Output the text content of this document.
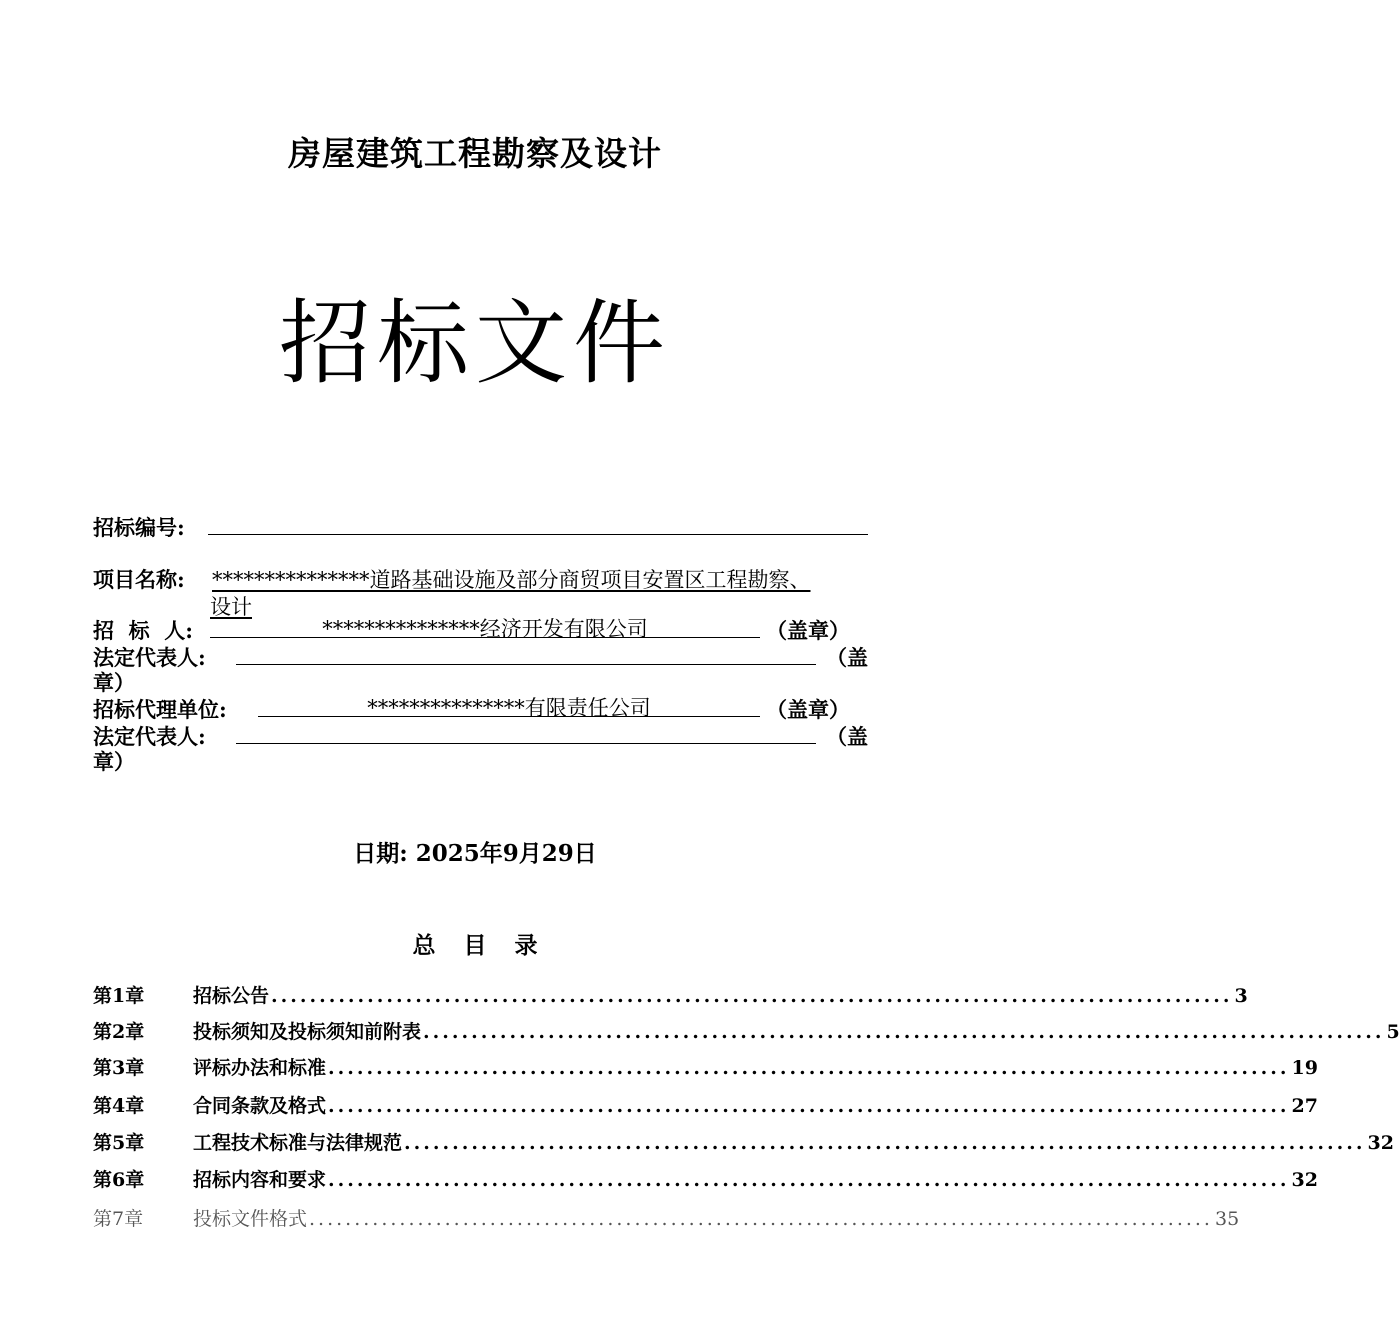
房屋建筑工程勘察及设计
招标文件
招标编号:
项目名称: ***************道路基础设施及部分商贸项目安置区工程勘察、
设计
招  标  人:	***************经济开发有限公司	（盖章）
法定代表人:	（盖
章）
招标代理单位:	***************有限责任公司	（盖章）
法定代表人:	（盖
章）
日期: 2025年9月29日
总目录
第1章	招标公告 .................................................................................................... 3
第2章	投标须知及投标须知前附表 .................................................................................................... 5
第3章	评标办法和标准 .................................................................................................... 19
第4章	合同条款及格式 .................................................................................................... 27
第5章	工程技术标准与法律规范 .................................................................................................... 32
第6章	招标内容和要求 .................................................................................................... 32
第7章	投标文件格式 .................................................................................................... 35
